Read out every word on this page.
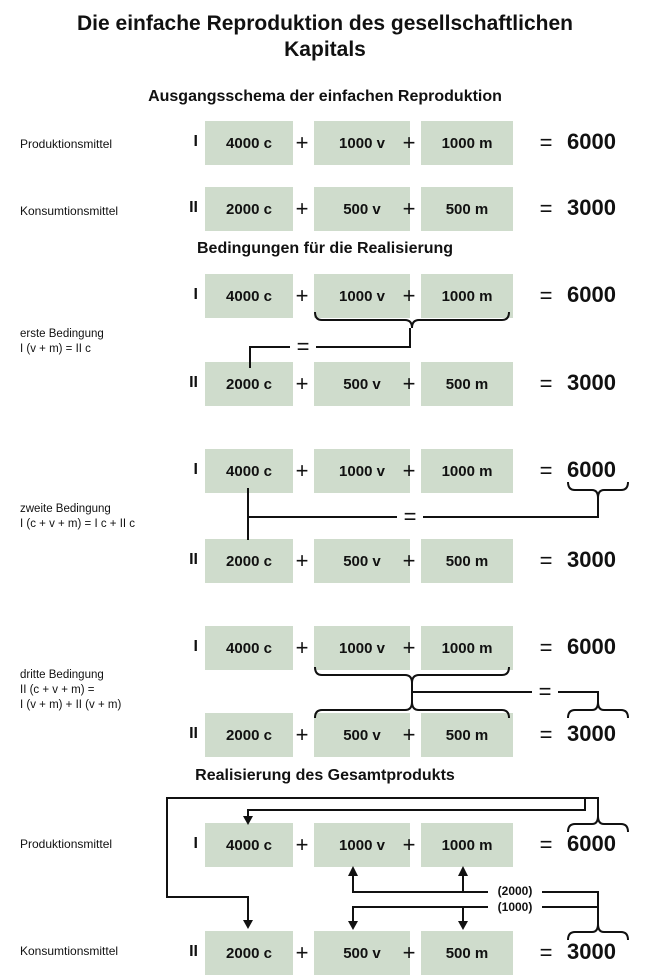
Die einfache Reproduktion des gesellschaftlichen
Kapitals
Ausgangsschema der einfachen Reproduktion
Bedingungen für die Realisierung
Realisierung des Gesamtprodukts
Produktionsmittel
Konsumtionsmittel
Produktionsmittel
Konsumtionsmittel
erste Bedingung
I (v + m) = II c
zweite Bedingung
I (c + v + m) = I c + II c
dritte Bedingung
II (c + v + m) =
I (v + m) + II (v + m)
I	4000 c	+	1000 v +	1000 m	= 6000
II	2000 c	+	500 v +	500 m	= 3000
I	4000 c	+	1000 v +	1000 m	= 6000
II	2000 c	+	500 v +	500 m	= 3000
I	4000 c	+	1000 v +	1000 m	= 6000
II	2000 c	+	500 v +	500 m	= 3000
I	4000 c	+	1000 v +	1000 m	= 6000
II	2000 c	+	500 v +	500 m	= 3000
I	4000 c	+	1000 v +	1000 m	= 6000
II	2000 c	+	500 v +	500 m	= 3000
(2000)
(1000)
=
=
=
